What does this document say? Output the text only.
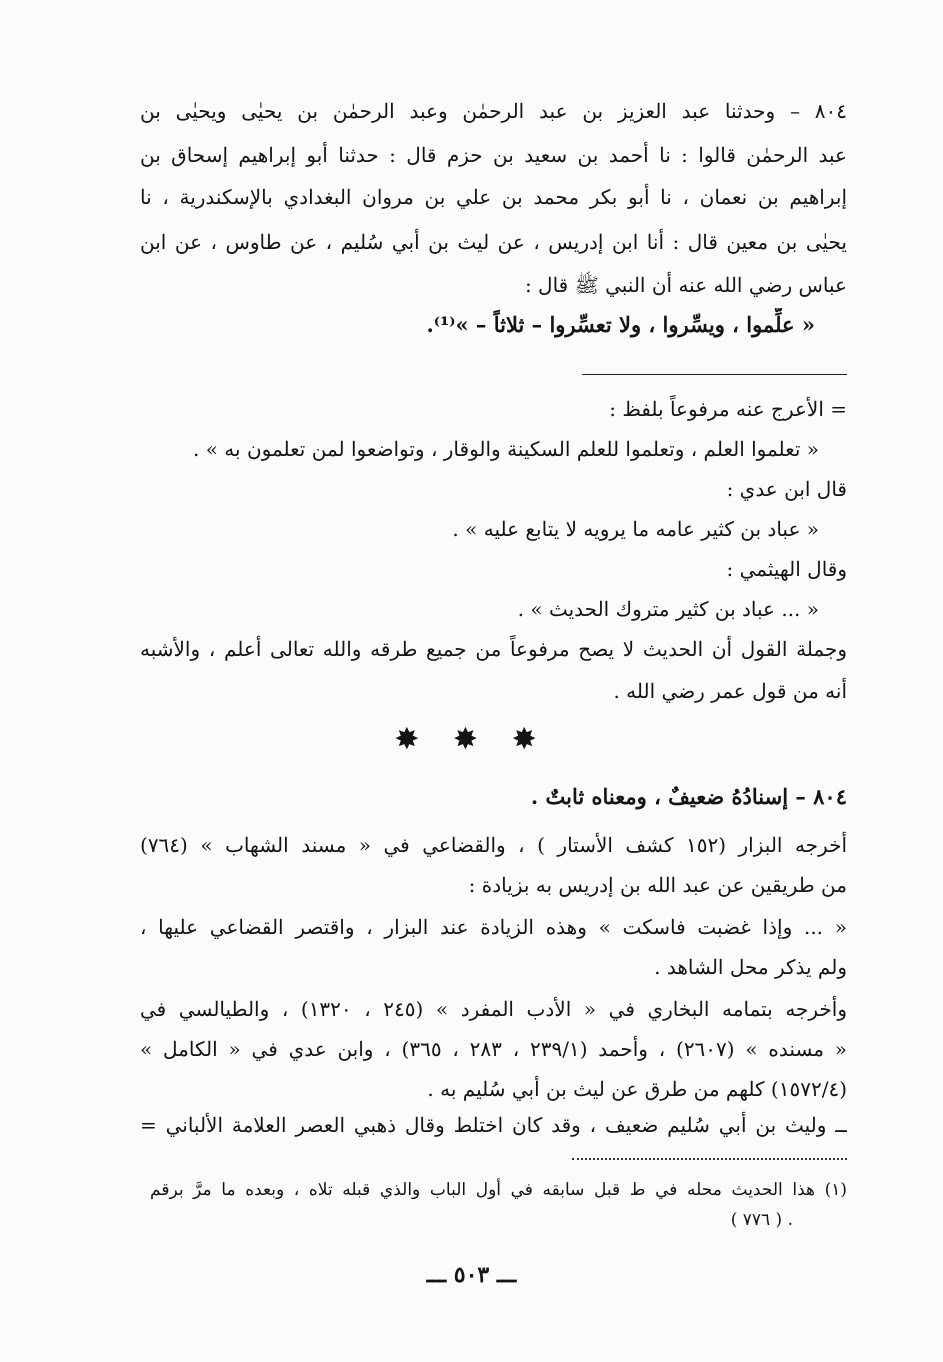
٨٠٤ – وحدثنا عبد العزيز بن عبد الرحمٰن وعبد الرحمٰن بن يحيٰى ويحيٰى بن
عبد الرحمٰن قالوا : نا أحمد بن سعيد بن حزم قال : حدثنا أبو إبراهيم إسحاق بن
إبراهيم بن نعمان ، نا أبو بكر محمد بن علي بن مروان البغدادي بالإسكندرية ، نا
يحيٰى بن معين قال : أنا ابن إدريس ، عن ليث بن أبي سُليم ، عن طاوس ، عن ابن
عباس رضي الله عنه أن النبي ﷺ قال :
« علِّموا ، ويسِّروا ، ولا تعسِّروا – ثلاثاً – »⁽¹⁾.
= الأعرج عنه مرفوعاً بلفظ :
« تعلموا العلم ، وتعلموا للعلم السكينة والوقار ، وتواضعوا لمن تعلمون به » .
قال ابن عدي :
« عباد بن كثير عامه ما يرويه لا يتابع عليه » .
وقال الهيثمي :
« ... عباد بن كثير متروك الحديث » .
وجملة القول أن الحديث لا يصح مرفوعاً من جميع طرقه والله تعالى أعلم ، والأشبه
أنه من قول عمر رضي الله .
✸ ✸ ✸
٨٠٤ – إسنادُهُ ضعيفٌ ، ومعناه ثابتٌ .
أخرجه البزار (١٥٢ كشف الأستار ) ، والقضاعي في « مسند الشهاب » (٧٦٤)
من طريقين عن عبد الله بن إدريس به بزيادة :
« ... وإذا غضبت فاسكت » وهذه الزيادة عند البزار ، واقتصر القضاعي عليها ،
ولم يذكر محل الشاهد .
وأخرجه بتمامه البخاري في « الأدب المفرد » (٢٤٥ ، ١٣٢٠) ، والطيالسي في
« مسنده » (٢٦٠٧) ، وأحمد (٢٣٩/١ ، ٢٨٣ ، ٣٦٥) ، وابن عدي في « الكامل »
(١٥٧٢/٤) كلهم من طرق عن ليث بن أبي سُليم به .
ــ وليث بن أبي سُليم ضعيف ، وقد كان اختلط وقال ذهبي العصر العلامة الألباني =
(١) هذا الحديث محله في ط قبل سابقه في أول الباب والذي قبله تلاه ، وبعده ما مرَّ برقم
( ٧٧٦ ) .
ـــ ٥٠٣ ـــ
